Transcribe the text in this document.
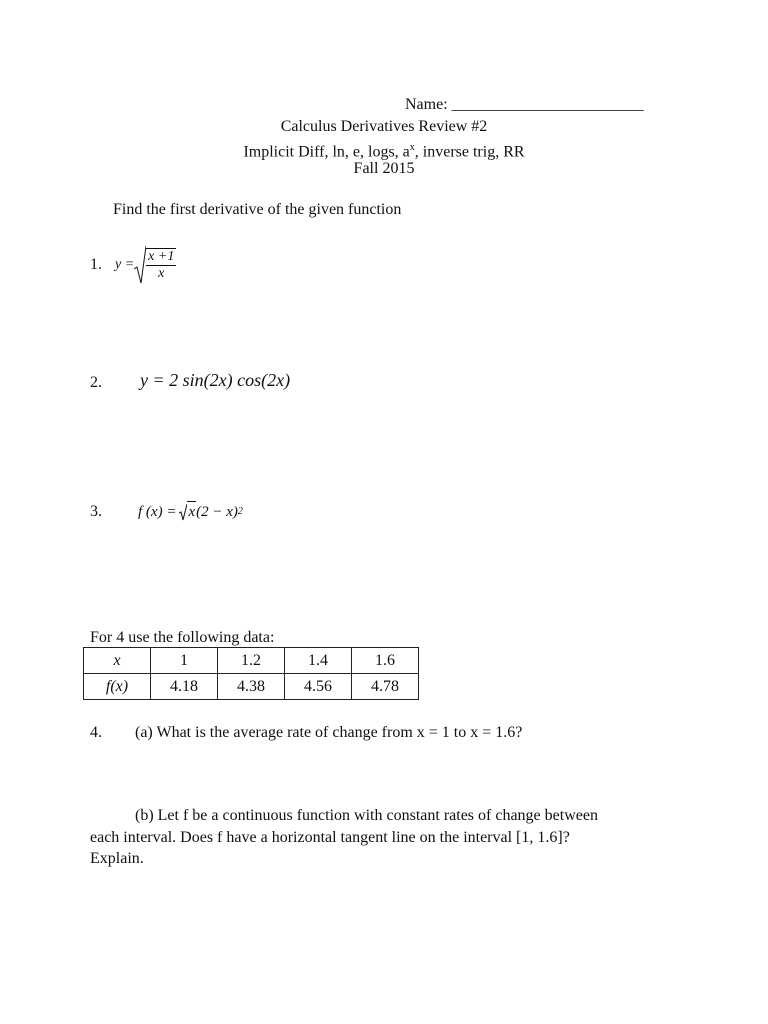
Name: ________________________
Calculus Derivatives Review #2
Implicit Diff, ln, e, logs, $a^x$, inverse trig, RR
Fall 2015
Find the first derivative of the given function
1. $y = \frac{x +1}{x}$
2. y = 2 sin(2x) cos(2x)
3. f (x) = x (2 − x) 2
For 4 use the following data:
x	1	1.2	1.4	1.6
f(x)	4.18	4.38	4.56	4.78
4. (a) What is the average rate of change from x = 1 to x = 1.6?
(b) Let f be a continuous function with constant rates of change between
each interval. Does f have a horizontal tangent line on the interval [1, 1.6]?
Explain.
